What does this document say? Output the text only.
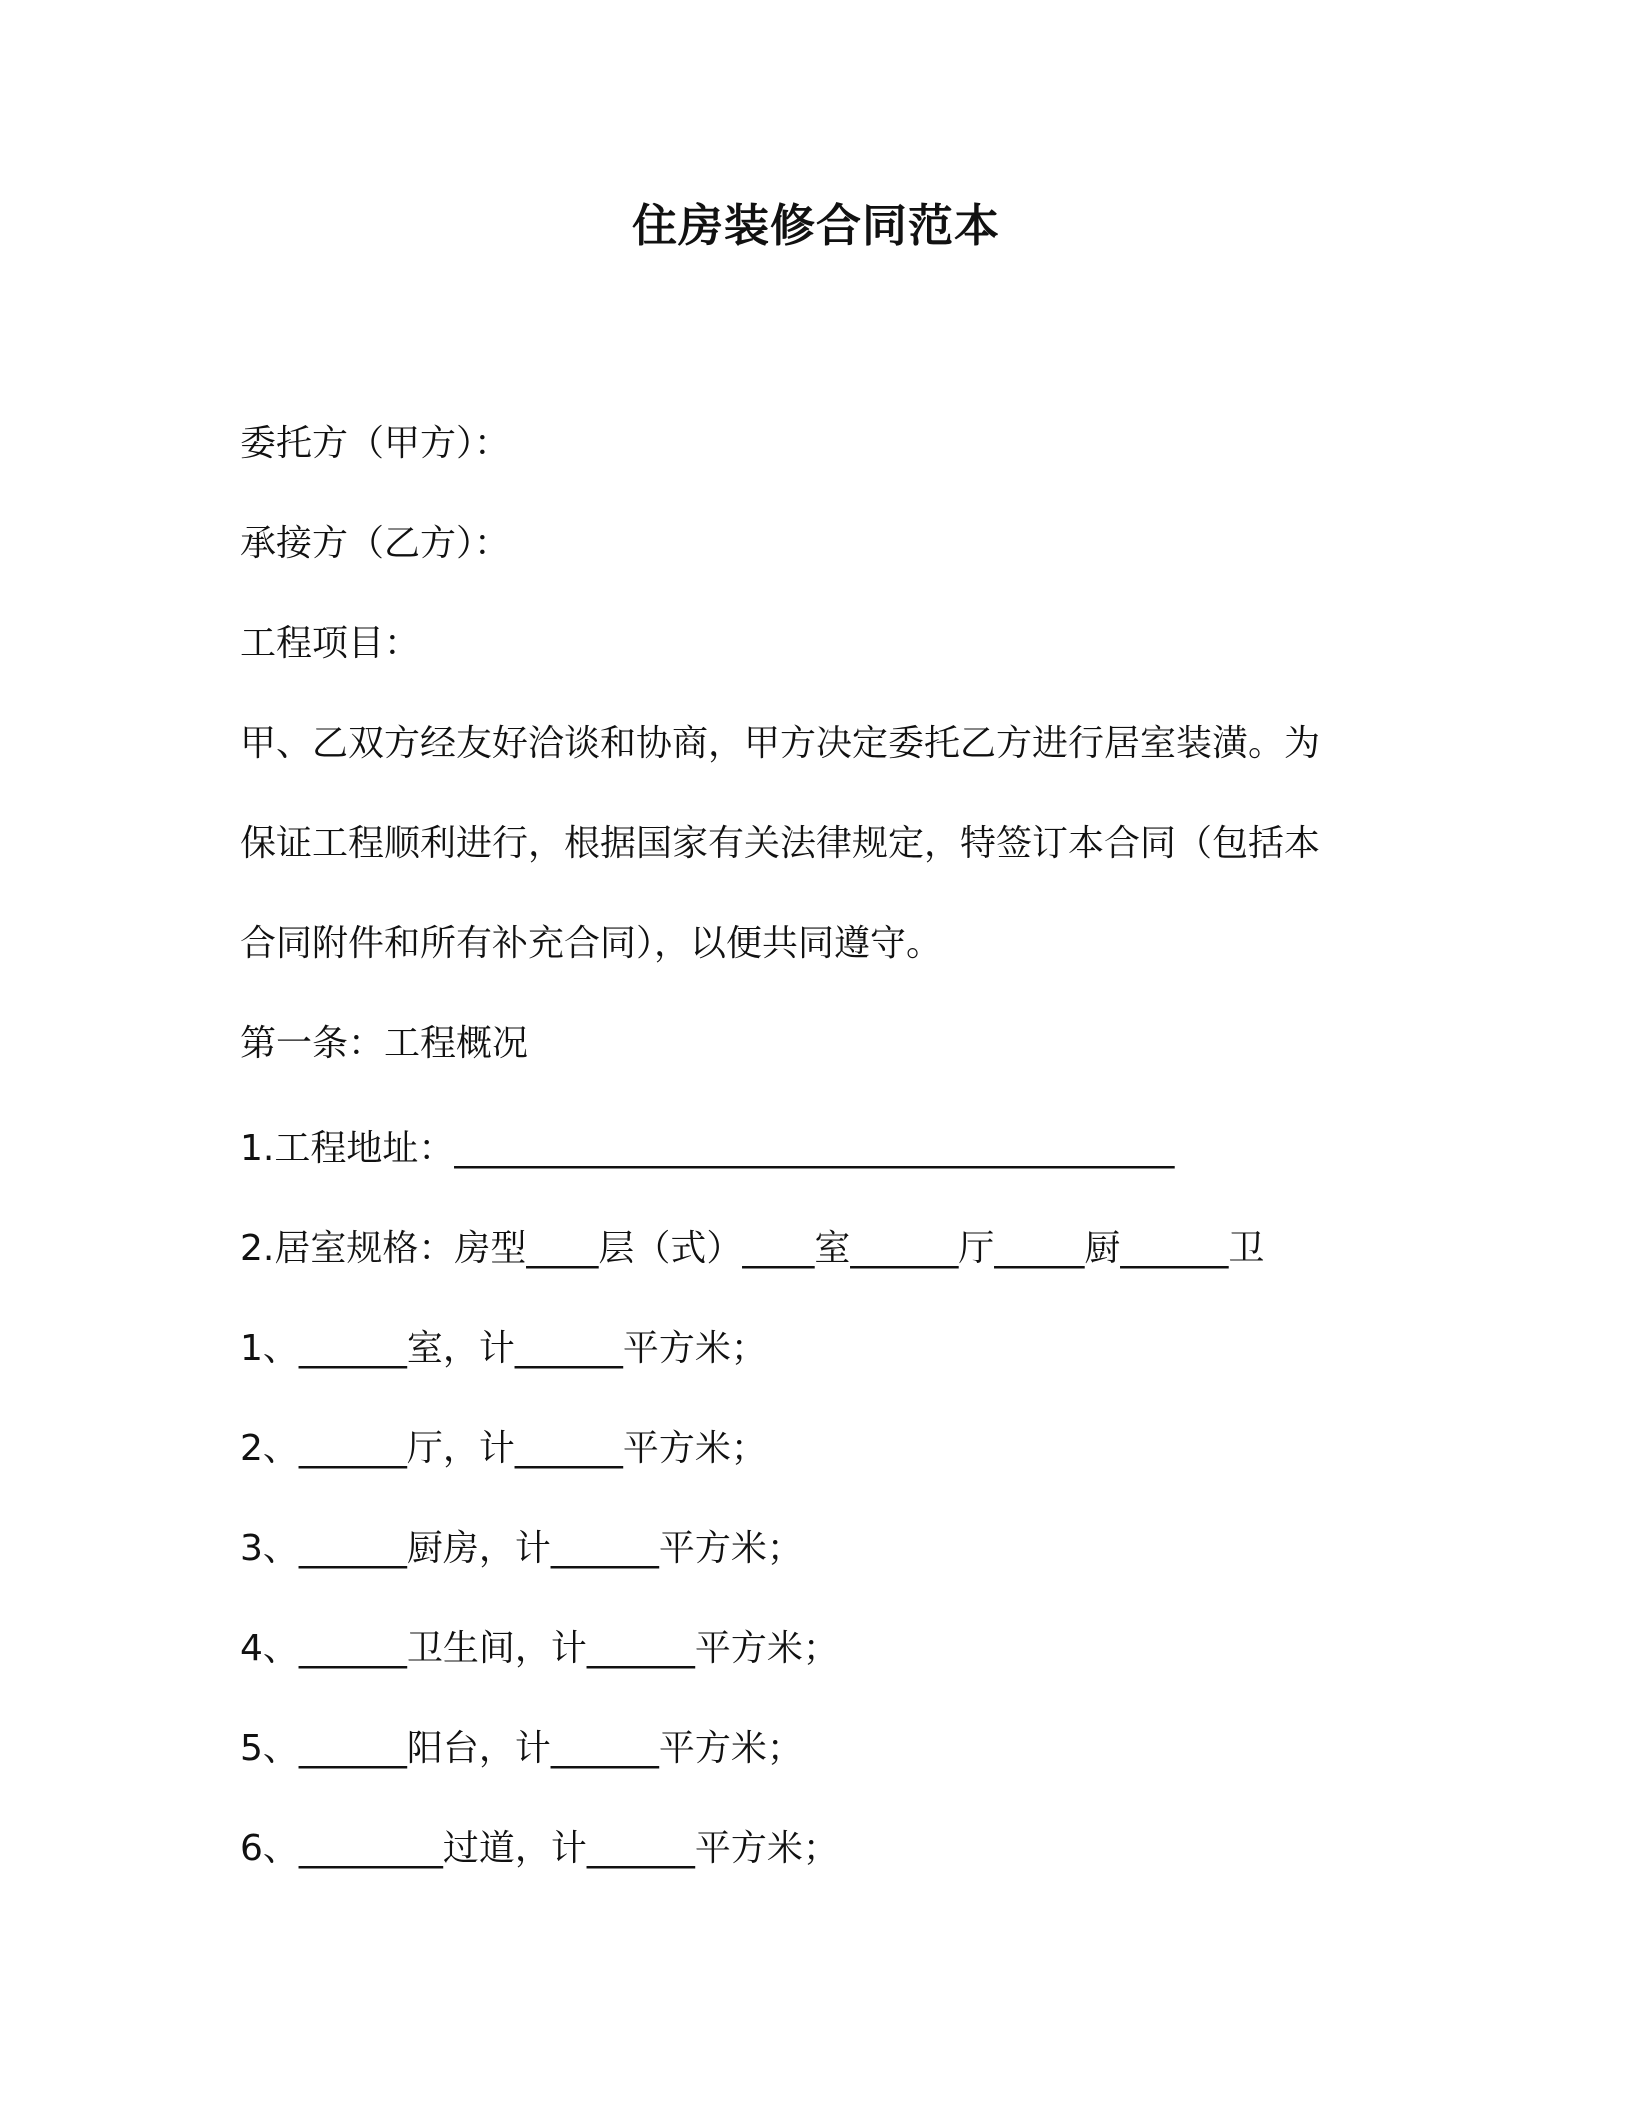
住房装修合同范本
委托方（甲方）：
承接方（乙方）：
工程项目：
甲、乙双方经友好洽谈和协商，甲方决定委托乙方进行居室装潢。为
保证工程顺利进行，根据国家有关法律规定，特签订本合同（包括本
合同附件和所有补充合同），以便共同遵守。
第一条：工程概况
1.工程地址：________________________________________
2.居室规格：房型____层（式）____室______厅_____厨______卫
1、______室，计______平方米；
2、______厅，计______平方米；
3、______厨房，计______平方米；
4、______卫生间，计______平方米；
5、______阳台，计______平方米；
6、________过道，计______平方米；
